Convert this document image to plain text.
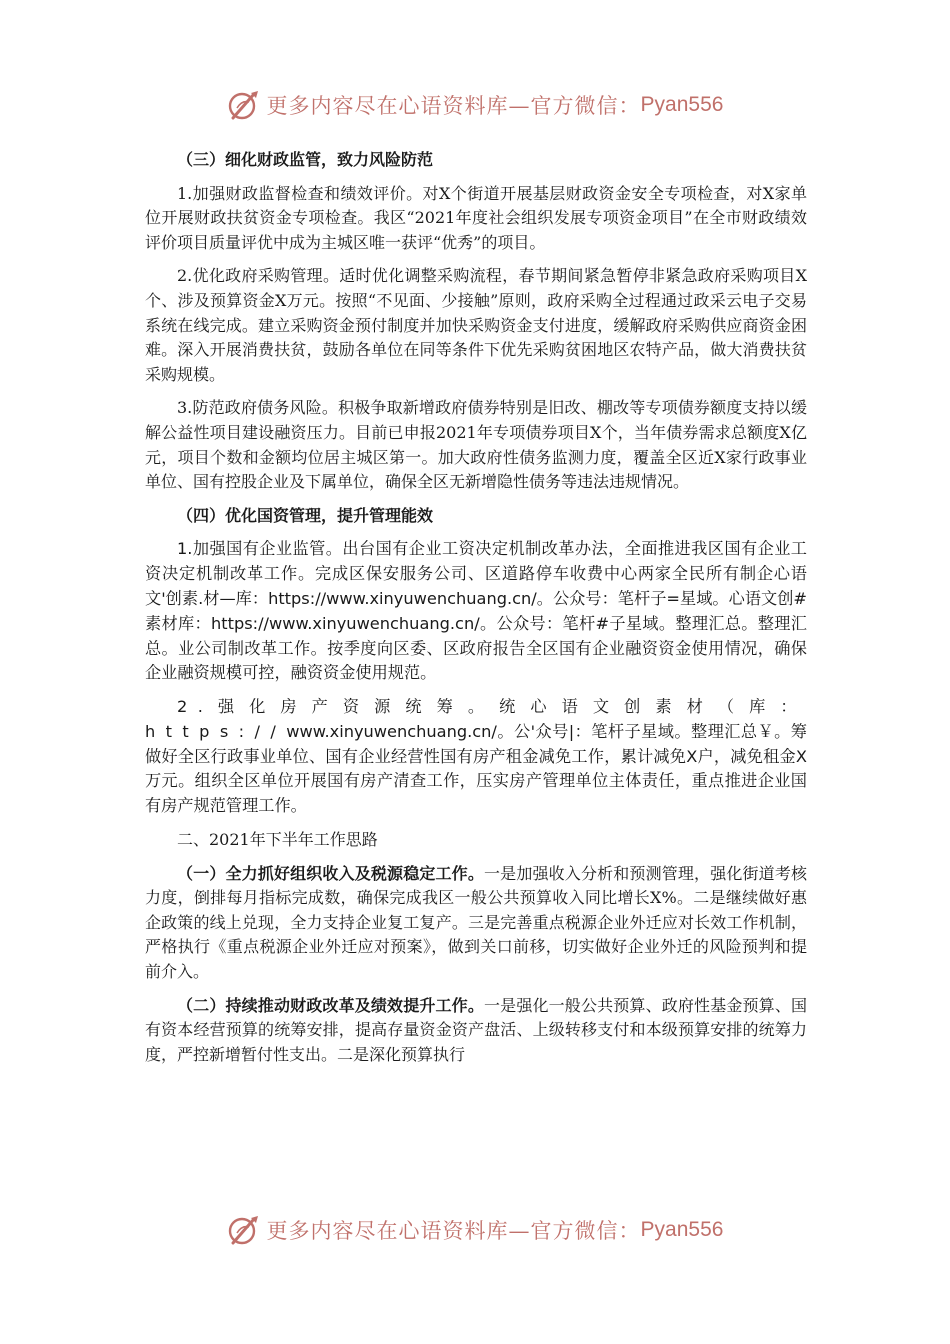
更多内容尽在心语资料库—官方微信： Pyan556

（三）细化财政监管，致力风险防范

1.加强财政监督检查和绩效评价。对X个街道开展基层财政资金安全专项检查，对X家单位开展财政扶贫资金专项检查。我区“2021年度社会组织发展专项资金项目”在全市财政绩效评价项目质量评优中成为主城区唯一获评“优秀”的项目。

2.优化政府采购管理。适时优化调整采购流程，春节期间紧急暂停非紧急政府采购项目X个、涉及预算资金X万元。按照“不见面、少接触”原则，政府采购全过程通过政采云电子交易系统在线完成。建立采购资金预付制度并加快采购资金支付进度，缓解政府采购供应商资金困难。深入开展消费扶贫，鼓励各单位在同等条件下优先采购贫困地区农特产品，做大消费扶贫采购规模。

3.防范政府债务风险。积极争取新增政府债券特别是旧改、棚改等专项债券额度支持以缓解公益性项目建设融资压力。目前已申报2021年专项债券项目X个，当年债券需求总额度X亿元，项目个数和金额均位居主城区第一。加大政府性债务监测力度，覆盖全区近X家行政事业单位、国有控股企业及下属单位，确保全区无新增隐性债务等违法违规情况。

（四）优化国资管理，提升管理能效

1.加强国有企业监管。出台国有企业工资决定机制改革办法，全面推进我区国有企业工资决定机制改革工作。完成区保安服务公司、区道路停车收费中心两家全民所有制企心语文'创素.材—库：https://www.xinyuwenchuang.cn/。公众号：笔杆子=星域。心语文创#素材库：https://www.xinyuwenchuang.cn/。公众号：笔杆#子星域。整理汇总。整理汇总。业公司制改革工作。按季度向区委、区政府报告全区国有企业融资资金使用情况，确保企业融资规模可控，融资资金使用规范。

2.强化房产资源统筹。统心语文创素材（库：https://www.xinyuwenchuang.cn/。公'众号|：笔杆子星域。整理汇总￥。筹做好全区行政事业单位、国有企业经营性国有房产租金减免工作，累计减免X户，减免租金X万元。组织全区单位开展国有房产清查工作，压实房产管理单位主体责任，重点推进企业国有房产规范管理工作。

二、2021年下半年工作思路

（一）全力抓好组织收入及税源稳定工作。一是加强收入分析和预测管理，强化街道考核力度，倒排每月指标完成数，确保完成我区一般公共预算收入同比增长X%。二是继续做好惠企政策的线上兑现，全力支持企业复工复产。三是完善重点税源企业外迁应对长效工作机制，严格执行《重点税源企业外迁应对预案》，做到关口前移，切实做好企业外迁的风险预判和提前介入。

（二）持续推动财政改革及绩效提升工作。一是强化一般公共预算、政府性基金预算、国有资本经营预算的统筹安排，提高存量资金资产盘活、上级转移支付和本级预算安排的统筹力度，严控新增暂付性支出。二是深化预算执行

更多内容尽在心语资料库—官方微信： Pyan556
